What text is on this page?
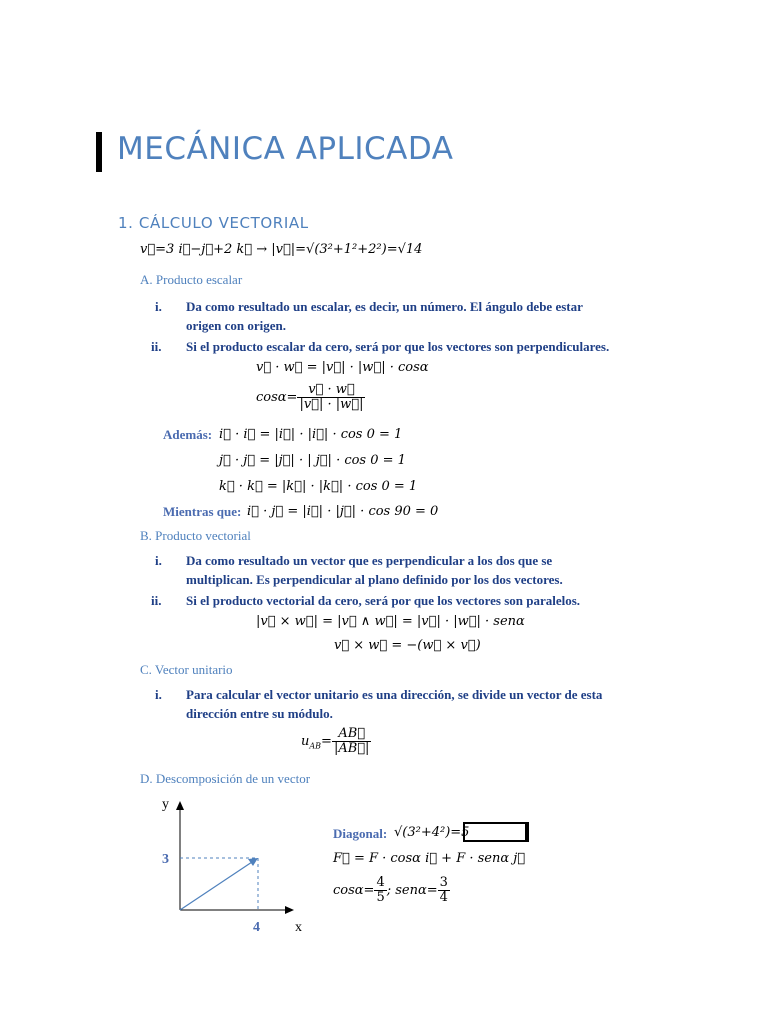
MECÁNICA APLICADA
1. CÁLCULO VECTORIAL
v⃗=3 i⃗−j⃗+2 k⃗ → |v⃗|=√(3²+1²+2²)=√14
A. Producto escalar
i. Da como resultado un escalar, es decir, un número. El ángulo debe estar
origen con origen.
ii. Si el producto escalar da cero, será por que los vectores son perpendiculares.
v⃗ · w⃗ = |v⃗| · |w⃗| · cosα
$\cos\alpha= \frac{v⃗ \cdot w⃗}{|v⃗| \cdot |w⃗|}$
Además: i⃗ · i⃗ = |i⃗| · |i⃗| · cos 0 = 1
j⃗ · j⃗ = |j⃗| · | j⃗| · cos 0 = 1
k⃗ · k⃗ = |k⃗| · |k⃗| · cos 0 = 1
Mientras que: i⃗ · j⃗ = |i⃗| · |j⃗| · cos 90 = 0
B. Producto vectorial
i. Da como resultado un vector que es perpendicular a los dos que se
multiplican. Es perpendicular al plano definido por los dos vectores.
ii. Si el producto vectorial da cero, será por que los vectores son paralelos.
|v⃗ × w⃗| = |v⃗ ∧ w⃗| = |v⃗| · |w⃗| · senα
v⃗ × w⃗ = −(w⃗ × v⃗)
C. Vector unitario
i. Para calcular el vector unitario es una dirección, se divide un vector de esta
dirección entre su módulo.
$u_{AB}= \frac{AB⃗}{|AB⃗|}$
D. Descomposición de un vector
y
x
3
4
Diagonal: √(3²+4²)=5
F⃗ = F · cosα i⃗ + F · senα j⃗
$\cos\alpha= \frac{4}{5}$ ; $sen\alpha= \frac{3}{4}$
